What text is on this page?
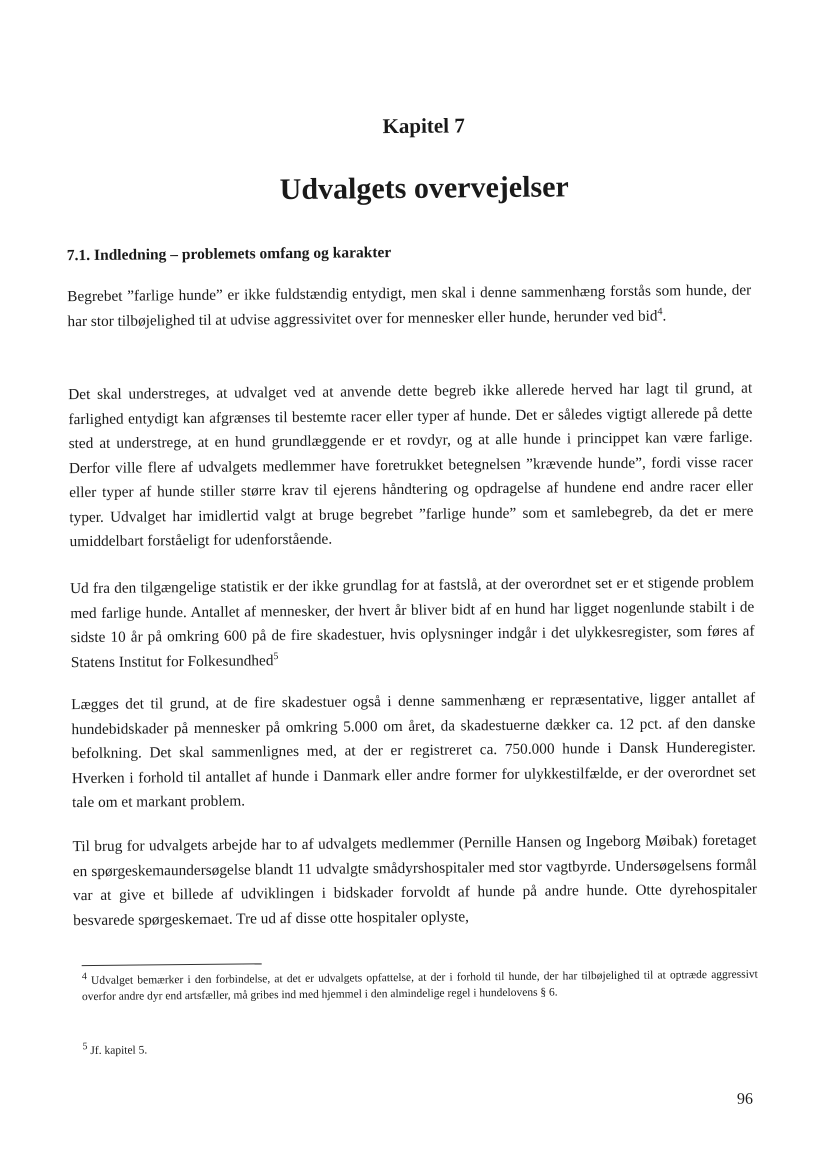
Kapitel 7
Udvalgets overvejelser
7.1. Indledning – problemets omfang og karakter

Begrebet ”farlige hunde” er ikke fuldstændig entydigt, men skal i denne sammenhæng forstås som hunde, der har stor tilbøjelighed til at udvise aggressivitet over for mennesker eller hunde, herunder ved bid$^4$.

Det skal understreges, at udvalget ved at anvende dette begreb ikke allerede herved har lagt til grund, at farlighed entydigt kan afgrænses til bestemte racer eller typer af hunde. Det er således vigtigt allerede på dette sted at understrege, at en hund grundlæggende er et rovdyr, og at alle hunde i princippet kan være farlige. Derfor ville flere af udvalgets medlemmer have foretrukket betegnelsen ”krævende hunde”, fordi visse racer eller typer af hunde stiller større krav til ejerens håndtering og opdragelse af hundene end andre racer eller typer. Udvalget har imidlertid valgt at bruge begrebet ”farlige hunde” som et samlebegreb, da det er mere umiddelbart forståeligt for udenforstående.

Ud fra den tilgængelige statistik er der ikke grundlag for at fastslå, at der overordnet set er et stigende problem med farlige hunde. Antallet af mennesker, der hvert år bliver bidt af en hund har ligget nogenlunde stabilt i de sidste 10 år på omkring 600 på de fire skadestuer, hvis oplysninger indgår i det ulykkesregister, som føres af Statens Institut for Folkesundhed$^5$

Lægges det til grund, at de fire skadestuer også i denne sammenhæng er repræsentative, ligger antallet af hundebidskader på mennesker på omkring 5.000 om året, da skadestuerne dækker ca. 12 pct. af den danske befolkning. Det skal sammenlignes med, at der er registreret ca. 750.000 hunde i Dansk Hunderegister. Hverken i forhold til antallet af hunde i Danmark eller andre former for ulykkestilfælde, er der overordnet set tale om et markant problem.

Til brug for udvalgets arbejde har to af udvalgets medlemmer (Pernille Hansen og Ingeborg Møibak) foretaget en spørgeskemaundersøgelse blandt 11 udvalgte smådyrshospitaler med stor vagtbyrde. Undersøgelsens formål var at give et billede af udviklingen i bidskader forvoldt af hunde på andre hunde. Otte dyrehospitaler besvarede spørgeskemaet. Tre ud af disse otte hospitaler oplyste,

$^4$ Udvalget bemærker i den forbindelse, at det er udvalgets opfattelse, at der i forhold til hunde, der har tilbøjelighed til at optræde aggressivt overfor andre dyr end artsfæller, må gribes ind med hjemmel i den almindelige regel i hundelovens § 6.

$^5$ Jf. kapitel 5.

96
